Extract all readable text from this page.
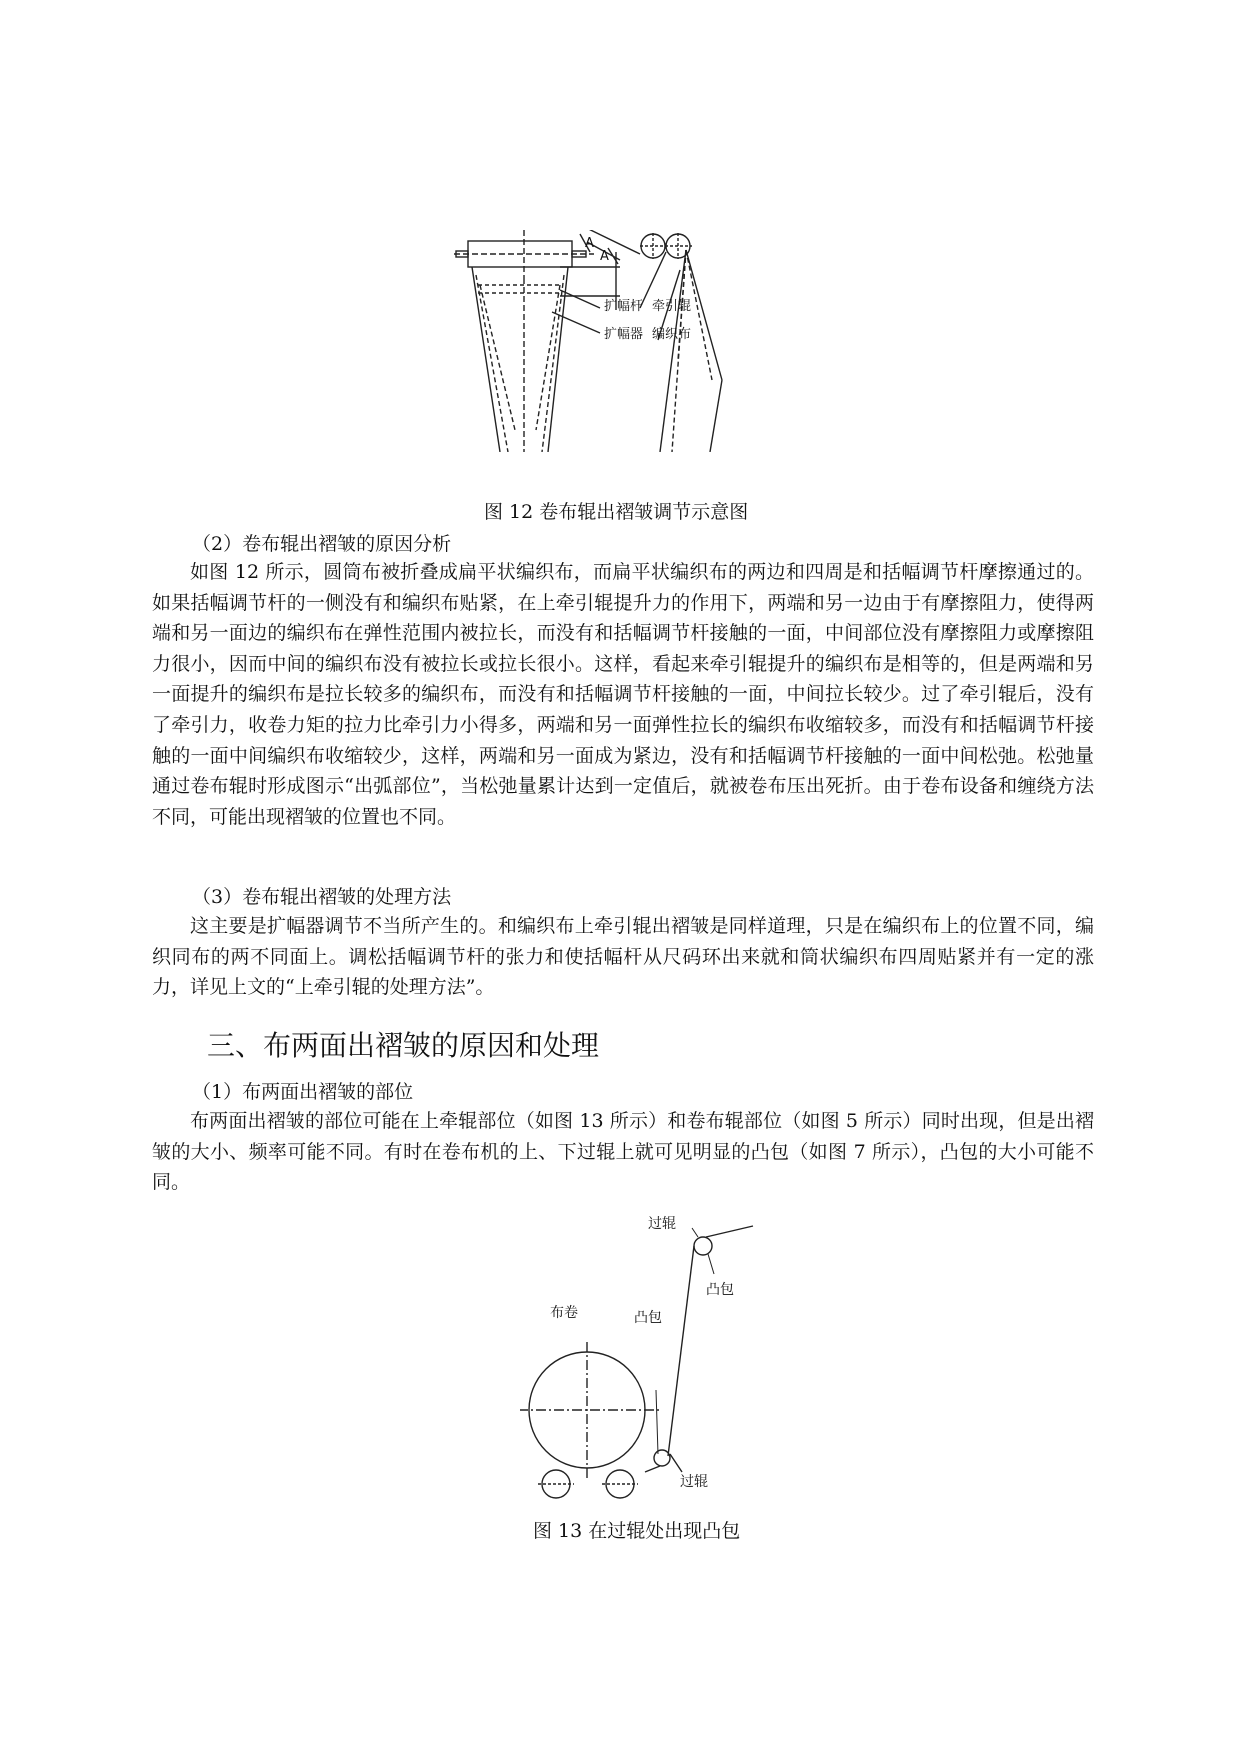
A
A
扩幅杆 牵引辊
扩幅器 编织布
图 12 卷布辊出褶皱调节示意图
（2）卷布辊出褶皱的原因分析
如图 12 所示，圆筒布被折叠成扁平状编织布，而扁平状编织布的两边和四周是和括幅调节杆摩擦通过的。如果括幅调节杆的一侧没有和编织布贴紧，在上牵引辊提升力的作用下，两端和另一边由于有摩擦阻力，使得两端和另一面边的编织布在弹性范围内被拉长，而没有和括幅调节杆接触的一面，中间部位没有摩擦阻力或摩擦阻力很小，因而中间的编织布没有被拉长或拉长很小。这样，看起来牵引辊提升的编织布是相等的，但是两端和另一面提升的编织布是拉长较多的编织布，而没有和括幅调节杆接触的一面，中间拉长较少。过了牵引辊后，没有了牵引力，收卷力矩的拉力比牵引力小得多，两端和另一面弹性拉长的编织布收缩较多，而没有和括幅调节杆接触的一面中间编织布收缩较少，这样，两端和另一面成为紧边，没有和括幅调节杆接触的一面中间松弛。松弛量通过卷布辊时形成图示“出弧部位”，当松弛量累计达到一定值后，就被卷布压出死折。由于卷布设备和缠绕方法不同，可能出现褶皱的位置也不同。
（3）卷布辊出褶皱的处理方法
这主要是扩幅器调节不当所产生的。和编织布上牵引辊出褶皱是同样道理，只是在编织布上的位置不同，编织同布的两不同面上。调松括幅调节杆的张力和使括幅杆从尺码环出来就和筒状编织布四周贴紧并有一定的涨力，详见上文的“上牵引辊的处理方法”。
三、布两面出褶皱的原因和处理
（1）布两面出褶皱的部位
布两面出褶皱的部位可能在上牵辊部位（如图 13 所示）和卷布辊部位（如图 5 所示）同时出现，但是出褶皱的大小、频率可能不同。有时在卷布机的上、下过辊上就可见明显的凸包（如图 7 所示），凸包的大小可能不同。
过辊
凸包
布卷	凸包
过辊
图 13 在过辊处出现凸包
